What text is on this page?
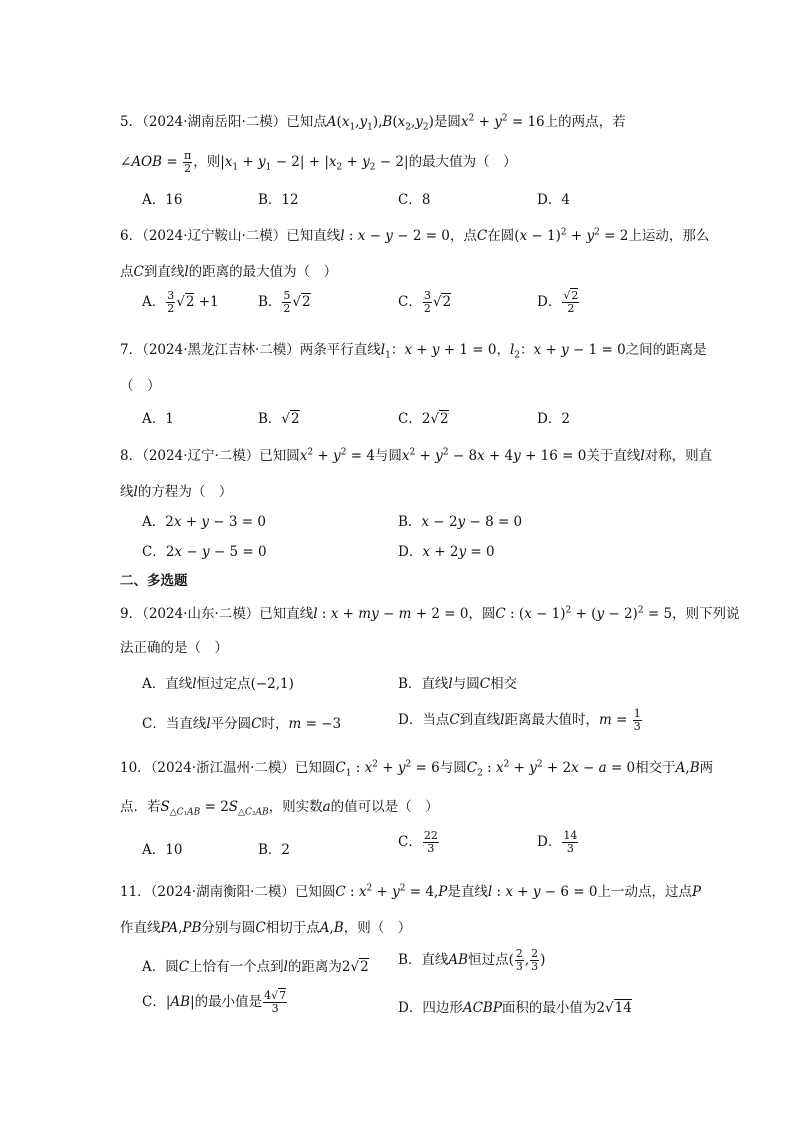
5．（2024·湖南岳阳·二模）已知点$A(x_1,y_1),B(x_2,y_2)$是圆$x^2 + y^2 = 16$上的两点，若
∠AOB = $\frac{\pi}{2}$ ，则$|x_1 + y_1 - 2| + |x_2 + y_2 - 2|$的最大值为（　）
A．16	B．12	C．8	D．4
6．（2024·辽宁鞍山·二模）已知直线l : x − y − 2 = 0，点C在圆$(x - 1)^2 + y^2 = 2$上运动，那么
点C到直线l的距离的最大值为（　）
A． $\frac{3}{2} √2 +1$	B． $\frac{5}{2} √2$	C． $\frac{3}{2} √2$	D． $\frac{√2}{2}$
7．（2024·黑龙江吉林·二模）两条平行直线$l_1$：x + y + 1 = 0，$l_2$：x + y − 1 = 0之间的距离是
（　）
A．1	B．√2	C．2√2	D．2
8．（2024·辽宁·二模）已知圆$x^2 + y^2 = 4$与圆$x^2 + y^2 - 8x + 4y + 16 = 0$关于直线l对称，则直
线l的方程为（　）
A．2x + y − 3 = 0	B．x − 2y − 8 = 0
C．2x − y − 5 = 0	D．x + 2y = 0
二、多选题
9．（2024·山东·二模）已知直线l : x + my − m + 2 = 0，圆C : $(x - 1)^2 + (y - 2)^2 = 5$，则下列说
法正确的是（　）
A．直线l恒过定点(−2,1)	B．直线l与圆C相交
C．当直线l平分圆C时，m = −3	D．当点C到直线l距离最大值时，$m = \frac{1}{3}$
10．（2024·浙江温州·二模）已知圆$C_1$ : $x^2 + y^2 = 6$与圆$C_2$ : $x^2 + y^2 + 2x - a = 0$相交于A,B两
点．若$S_{\triangle C_1AB} = 2S_{\triangle C_2AB}$，则实数a的值可以是（　）
A．10	B．2	C． $\frac{22}{3}$	D． $\frac{14}{3}$
11．（2024·湖南衡阳·二模）已知圆C : $x^2 + y^2 = 4,P$是直线l : x + y − 6 = 0上一动点，过点P
作直线PA,PB分别与圆C相切于点A,B，则（　）
A．圆C上恰有一个点到l的距离为2√2 B．直线AB恒过点( $\frac{2}{3}$ , $\frac{2}{3}$ )
C．|AB|的最小值是 $\frac{4√7}{3}$	D．四边形ACBP面积的最小值为2√14
